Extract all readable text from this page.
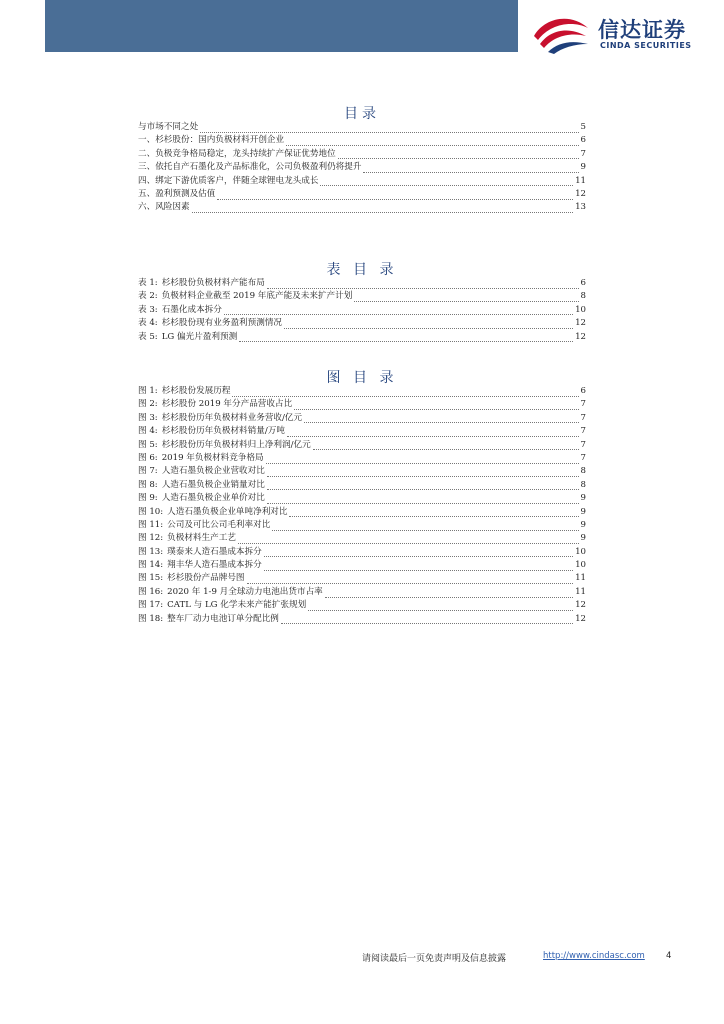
信达证券
CINDA SECURITIES
目录
与市场不同之处	5
一、杉杉股份：国内负极材料开创企业	6
二、负极竞争格局稳定，龙头持续扩产保证优势地位	7
三、依托自产石墨化及产品标准化，公司负极盈利仍将提升	9
四、绑定下游优质客户，伴随全球锂电龙头成长	11
五、盈利预测及估值	12
六、风险因素	13
表 目 录
表 1: 杉杉股份负极材料产能布局	6
表 2: 负极材料企业截至 2019 年底产能及未来扩产计划	8
表 3: 石墨化成本拆分	10
表 4: 杉杉股份现有业务盈利预测情况	12
表 5: LG 偏光片盈利预测	12
图 目 录
图 1: 杉杉股份发展历程	6
图 2: 杉杉股份 2019 年分产品营收占比	7
图 3: 杉杉股份历年负极材料业务营收/亿元	7
图 4: 杉杉股份历年负极材料销量/万吨	7
图 5: 杉杉股份历年负极材料归上净利润/亿元	7
图 6: 2019 年负极材料竞争格局	7
图 7: 人造石墨负极企业营收对比	8
图 8: 人造石墨负极企业销量对比	8
图 9: 人造石墨负极企业单价对比	9
图 10: 人造石墨负极企业单吨净利对比	9
图 11: 公司及可比公司毛利率对比	9
图 12: 负极材料生产工艺	9
图 13: 璞泰来人造石墨成本拆分	10
图 14: 翔丰华人造石墨成本拆分	10
图 15: 杉杉股份产品牌号图	11
图 16: 2020 年 1-9 月全球动力电池出货市占率	11
图 17: CATL 与 LG 化学未来产能扩张规划	12
图 18: 整车厂动力电池订单分配比例	12
请阅读最后一页免责声明及信息披露	http://www.cindasc.com 4
